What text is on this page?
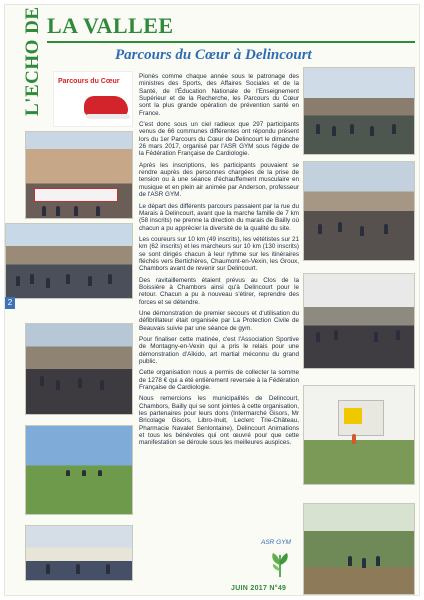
L'ECHO DE LA VALLEE
Parcours du Cœur à Delincourt
Parcours du Cœur
2

Pionès comme chaque année sous le patronage des ministres des Sports, des Affaires Sociales et de la Santé, de l'Éducation Nationale de l'Enseignement Supérieur et de la Recherche, les Parcours du Cœur sont la plus grande opération de prévention santé en France.

C'est donc sous un ciel radieux que 297 participants venus de 66 communes différentes ont répondu présent lors du 1er Parcours du Cœur de Delincourt le dimanche 26 mars 2017, organisé par l'ASR GYM sous l'égide de la Fédération Française de Cardiologie.

Après les inscriptions, les participants pouvaient se rendre auprès des personnes chargées de la prise de tension ou à une séance d'échauffement musculaire en musique et en plein air animée par Anderson, professeur de l'ASR GYM.

Le départ des différents parcours passaient par la rue du Marais à Delincourt, avant que la marche famille de 7 km (58 inscrits) ne prenne la direction du marais de Bailly où chacun a pu apprécier la diversité de la qualité du site.

Les coureurs sur 10 km (49 inscrits), les vététistes sur 21 km (62 inscrits) et les marcheurs sur 10 km (130 inscrits) se sont dirigés chacun à leur rythme sur les itinéraires fléchés vers Bertichères, Chaumont-en-Vexin, les Groux, Chambors avant de revenir sur Delincourt.

Des ravitaillements étaient prévus au Clos de la Boissière à Chambors ainsi qu'à Delincourt pour le retour. Chacun a pu à nouveau s'étirer, reprendre des forces et se détendre.

Une démonstration de premier secours et d'utilisation du défibrillateur était organisée par La Protection Civile de Beauvais suivie par une séance de gym.

Pour finaliser cette matinée, c'est l'Association Sportive de Montagny-en-Vexin qui a pris le relais pour une démonstration d'Aïkido, art martial méconnu du grand public.

Cette organisation nous a permis de collecter la somme de 1278 € qui a été entièrement reversée à la Fédération Française de Cardiologie.

Nous remercions les municipalités de Delincourt, Chambors, Bailly qui se sont jointes à cette organisation, les partenaires pour leurs dons (Intermarché Gisors, Mr Bricolage Gisors, Libro-Inuit, Leclerc Trie-Château, Pharmacie Navalet Senlontaine), Delincourt Animations et tous les bénévoles qui ont œuvré pour que cette manifestation se déroule sous les meilleures auspices.

ASR GYM
JUIN 2017 N°49
